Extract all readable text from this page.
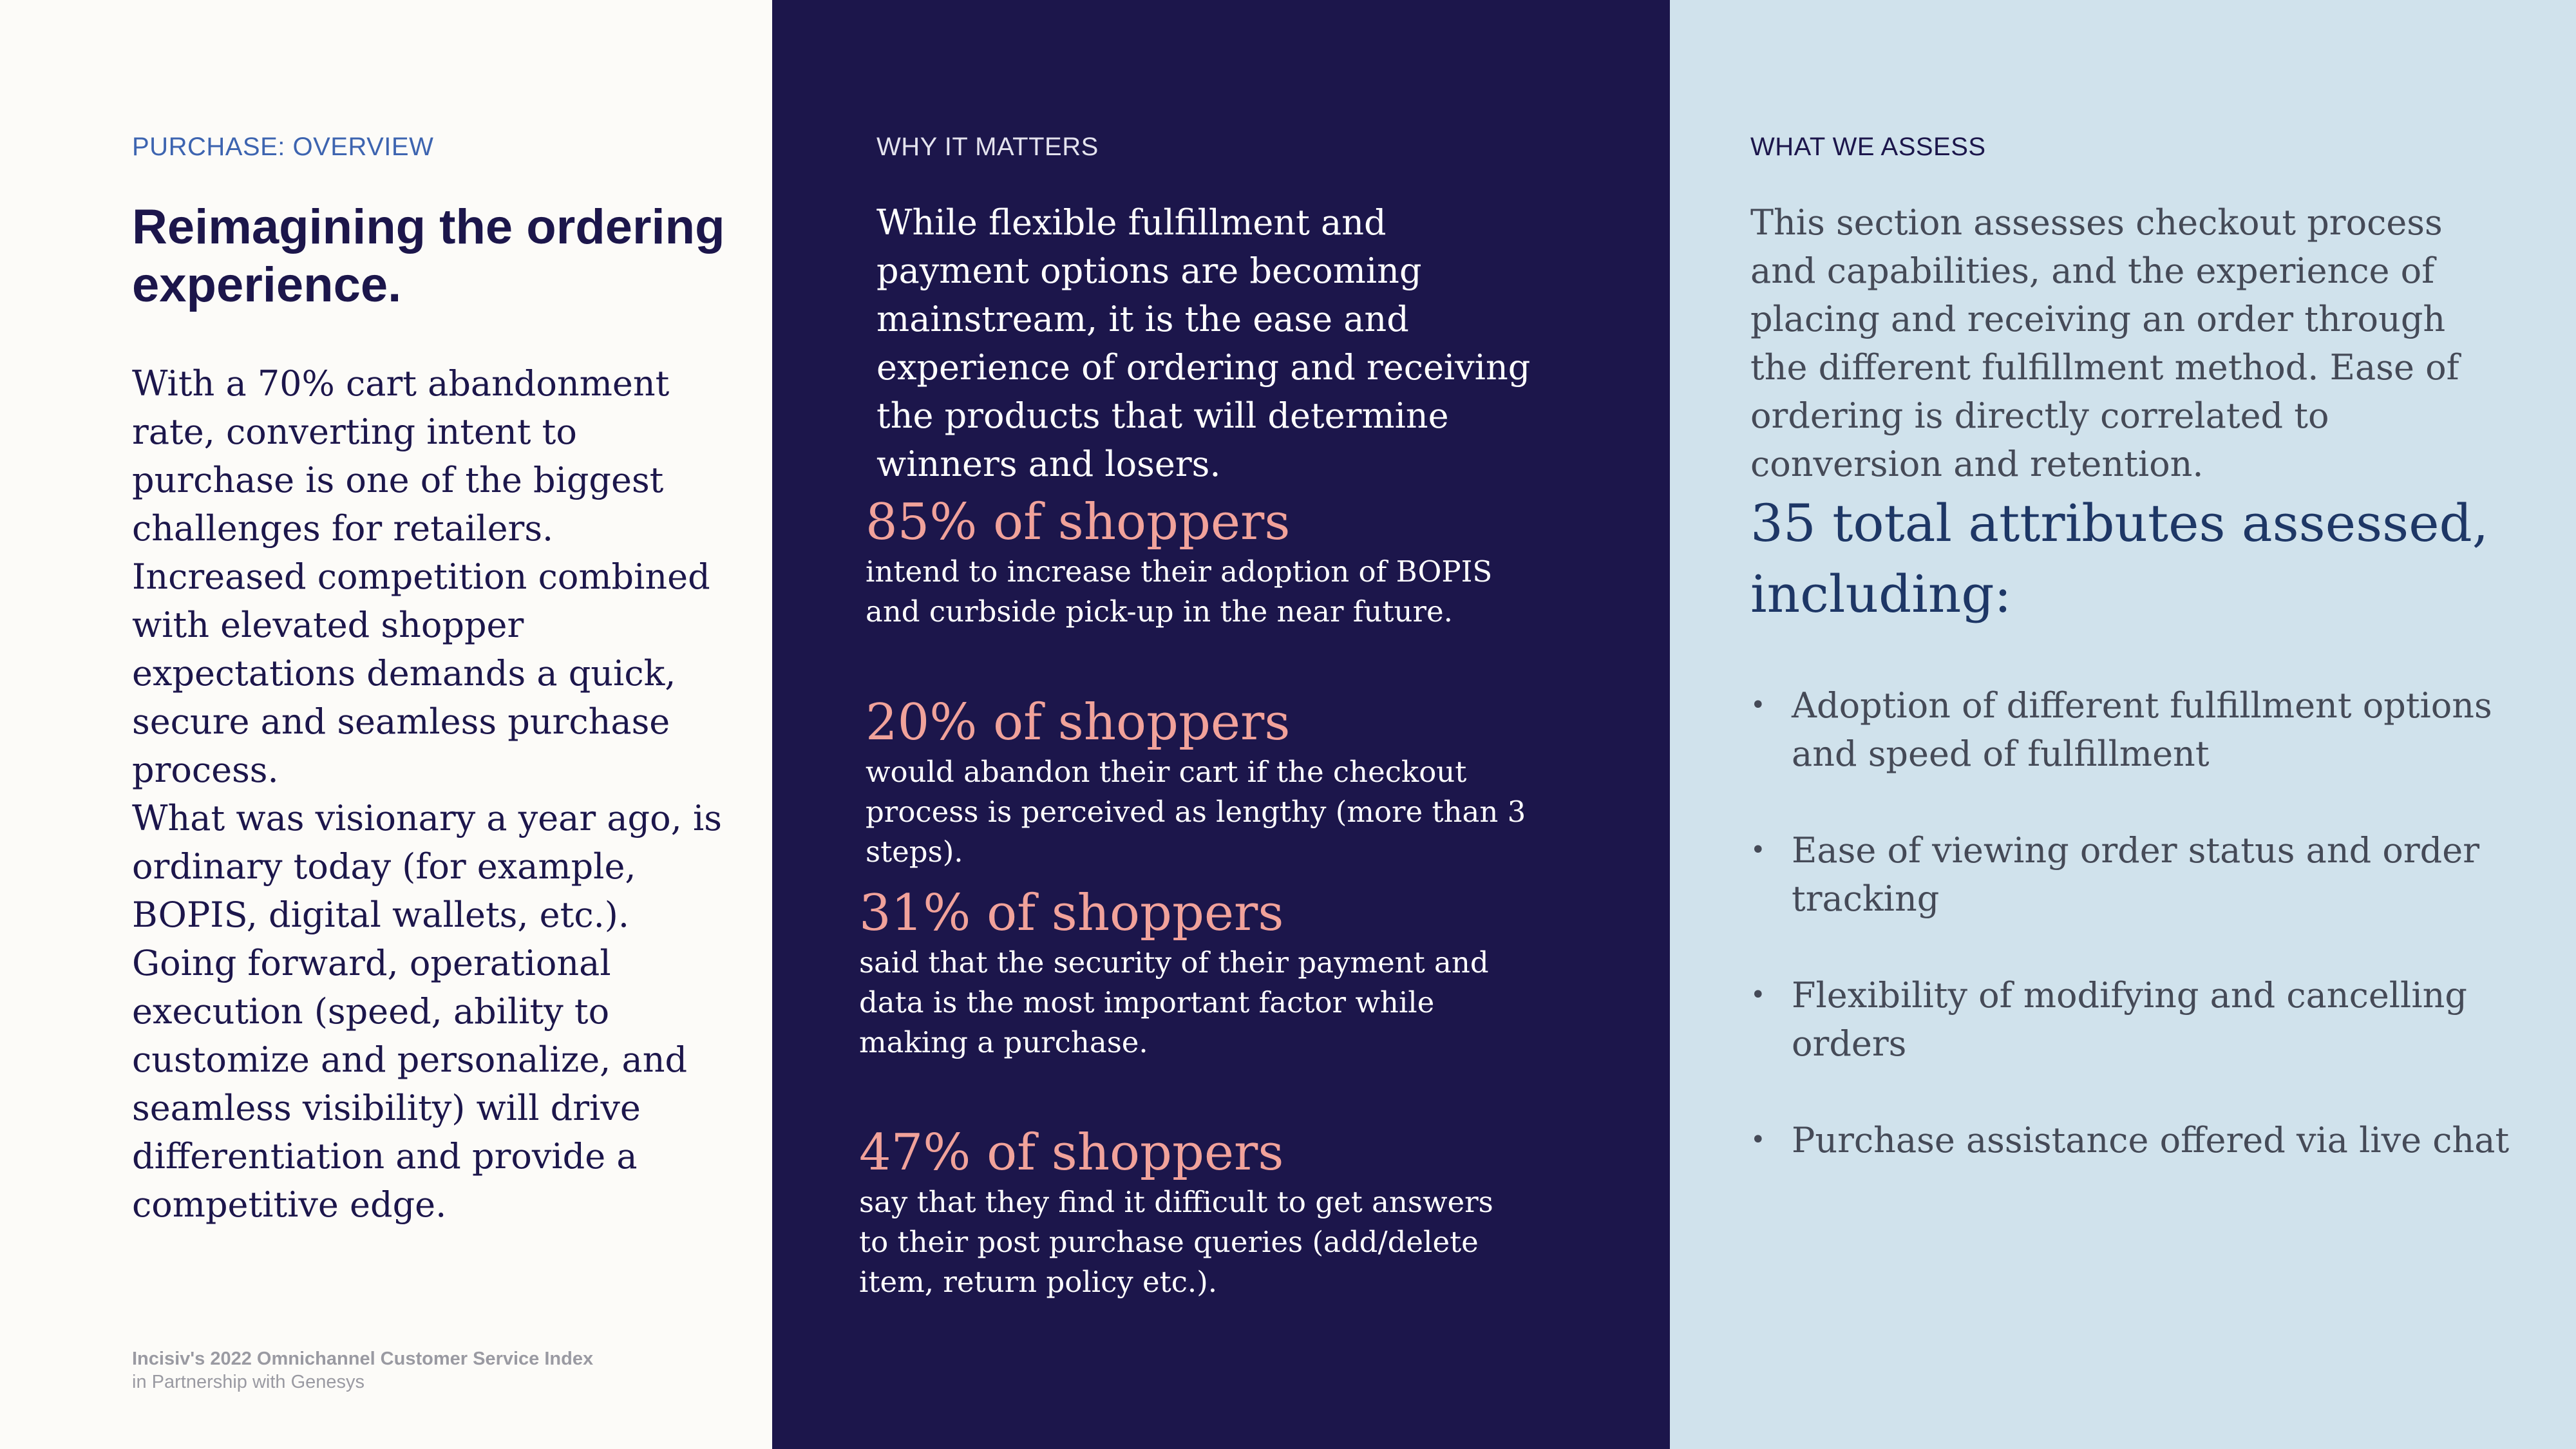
PURCHASE: OVERVIEW

Reimagining the ordering experience.

With a 70% cart abandonment rate, converting intent to purchase is one of the biggest challenges for retailers. Increased competition combined with elevated shopper expectations demands a quick, secure and seamless purchase process.

What was visionary a year ago, is ordinary today (for example, BOPIS, digital wallets, etc.). Going forward, operational execution (speed, ability to customize and personalize, and seamless visibility) will drive differentiation and provide a competitive edge.

Incisiv's 2022 Omnichannel Customer Service Index

in Partnership with Genesys

WHY IT MATTERS

While flexible fulfillment and payment options are becoming mainstream, it is the ease and experience of ordering and receiving the products that will determine winners and losers.

85% of shoppers
intend to increase their adoption of BOPIS and curbside pick-up in the near future.
20% of shoppers
would abandon their cart if the checkout process is perceived as lengthy (more than 3 steps).
31% of shoppers
said that the security of their payment and data is the most important factor while making a purchase.
47% of shoppers
say that they find it difficult to get answers to their post purchase queries (add/delete item, return policy etc.).

WHAT WE ASSESS

This section assesses checkout process and capabilities, and the experience of placing and receiving an order through the different fulfillment method. Ease of ordering is directly correlated to conversion and retention.

35 total attributes assessed, including:
• Adoption of different fulfillment options and speed of fulfillment
• Ease of viewing order status and order tracking
• Flexibility of modifying and cancelling orders
• Purchase assistance offered via live chat
